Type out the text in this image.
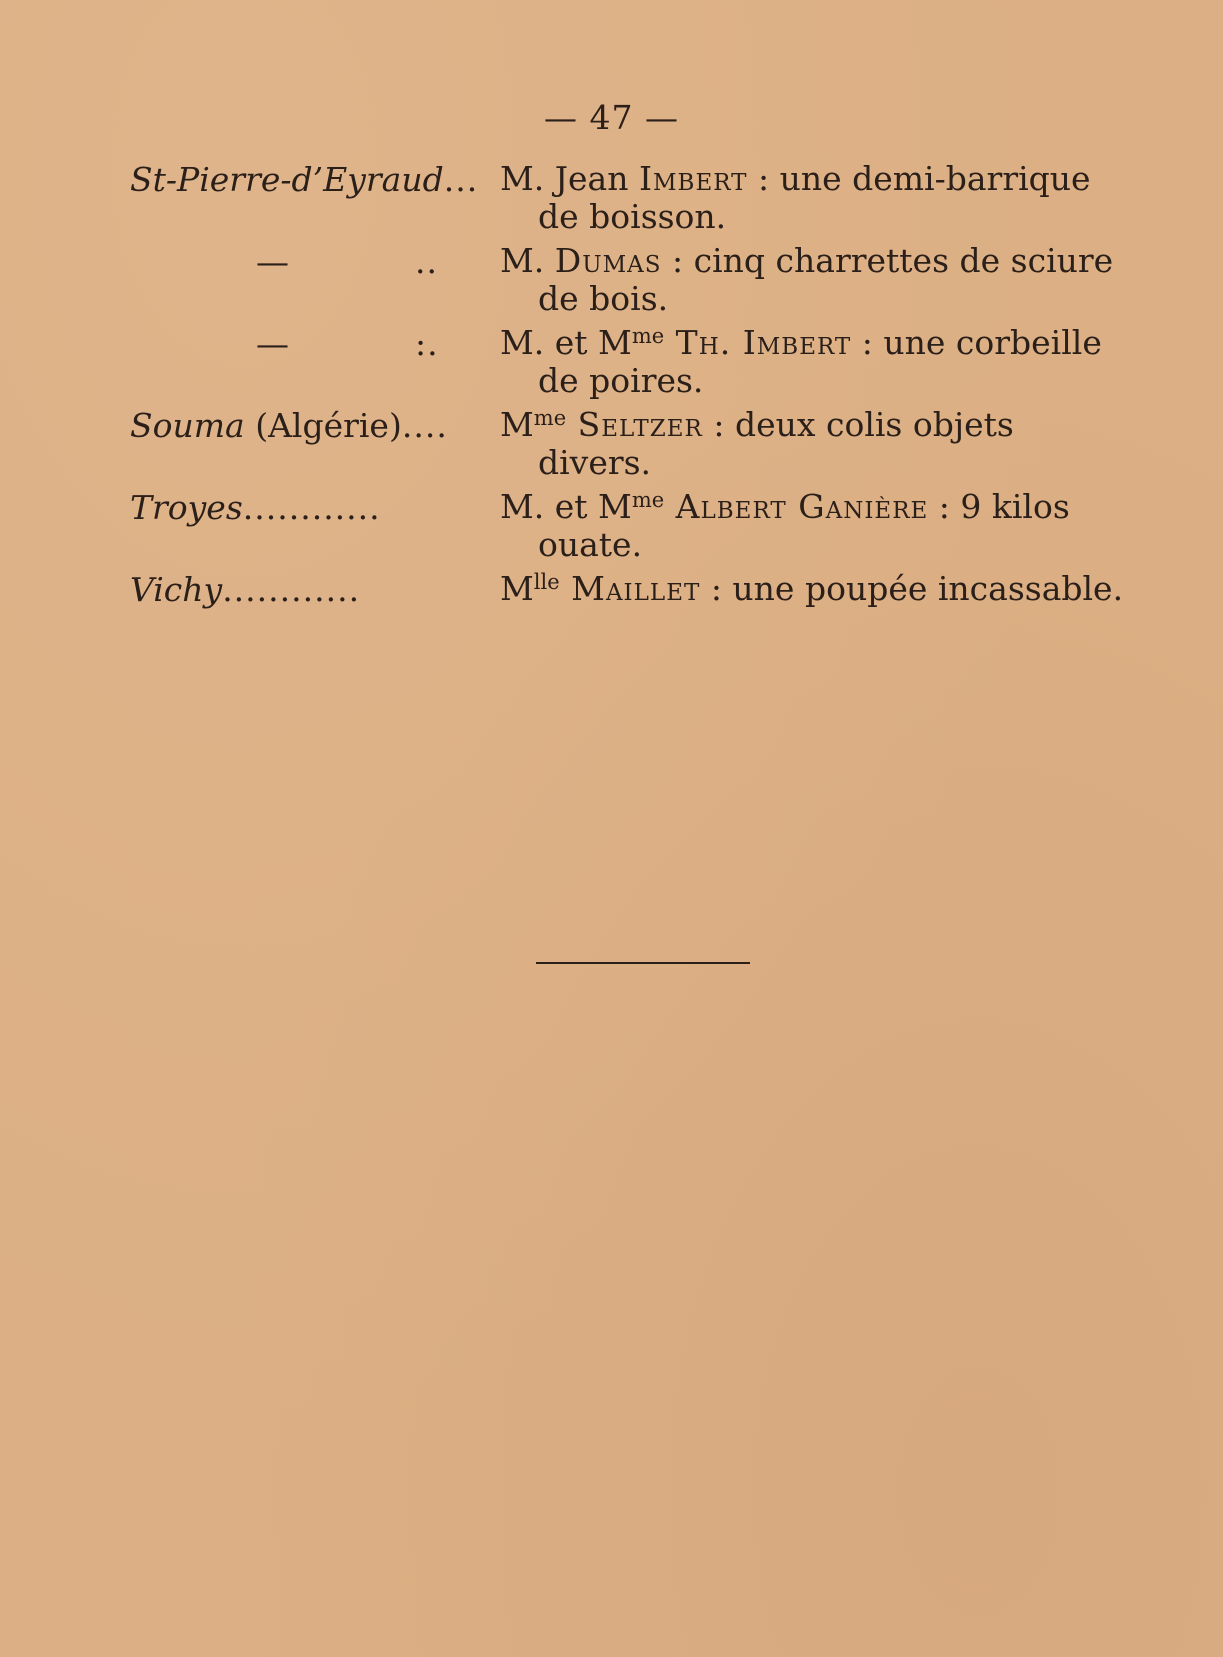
— 47 —
St-Pierre-d’Eyraud... M. Jean Imbert : une demi-barrique
de boisson.
—	..	M. Dumas : cinq charrettes de sciure
de bois.
—	:.	M. et $M^{me}$ Th. Imbert : une corbeille
de poires.
Souma (Algérie)....	$M^{me}$ Seltzer : deux colis objets
divers.
Troyes............	M. et $M^{me}$ Albert Ganière : 9 kilos
ouate.
Vichy............	$M^{lle}$ Maillet : une poupée incassable.
